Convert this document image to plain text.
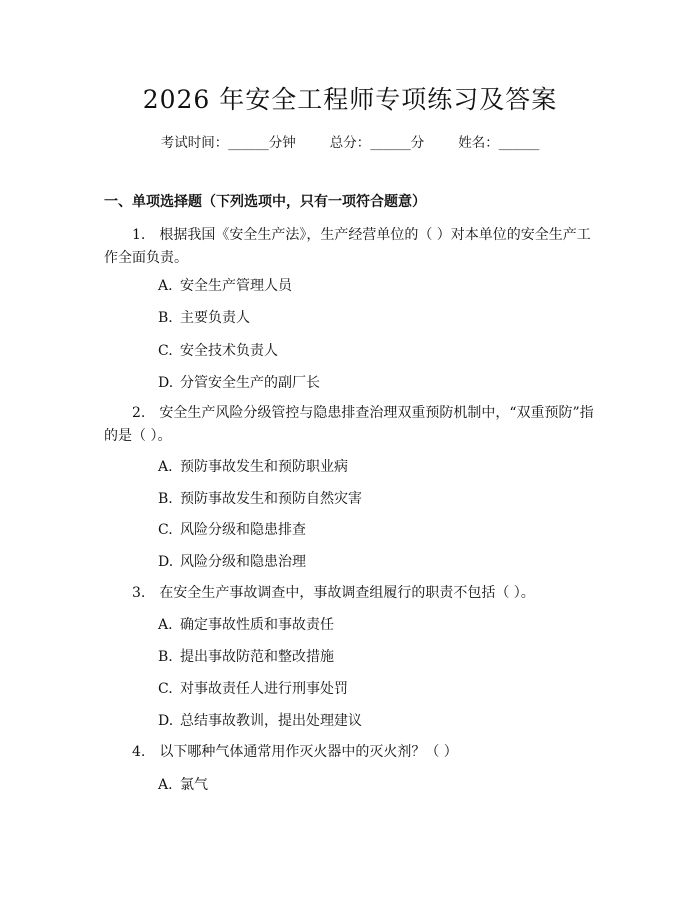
2026 年安全工程师专项练习及答案
考试时间：______分钟	总分：______分	姓名：______
一、单项选择题（下列选项中，只有一项符合题意）

1. 根据我国《安全生产法》，生产经营单位的（ ）对本单位的安全生产工作全面负责。

A. 安全生产管理人员

B. 主要负责人

C. 安全技术负责人

D. 分管安全生产的副厂长

2. 安全生产风险分级管控与隐患排查治理双重预防机制中，“双重预防”指的是（ ）。

A. 预防事故发生和预防职业病

B. 预防事故发生和预防自然灾害

C. 风险分级和隐患排查

D. 风险分级和隐患治理

3. 在安全生产事故调查中，事故调查组履行的职责不包括（ ）。

A. 确定事故性质和事故责任

B. 提出事故防范和整改措施

C. 对事故责任人进行刑事处罚

D. 总结事故教训，提出处理建议

4. 以下哪种气体通常用作灭火器中的灭火剂？（ ）

A. 氯气
